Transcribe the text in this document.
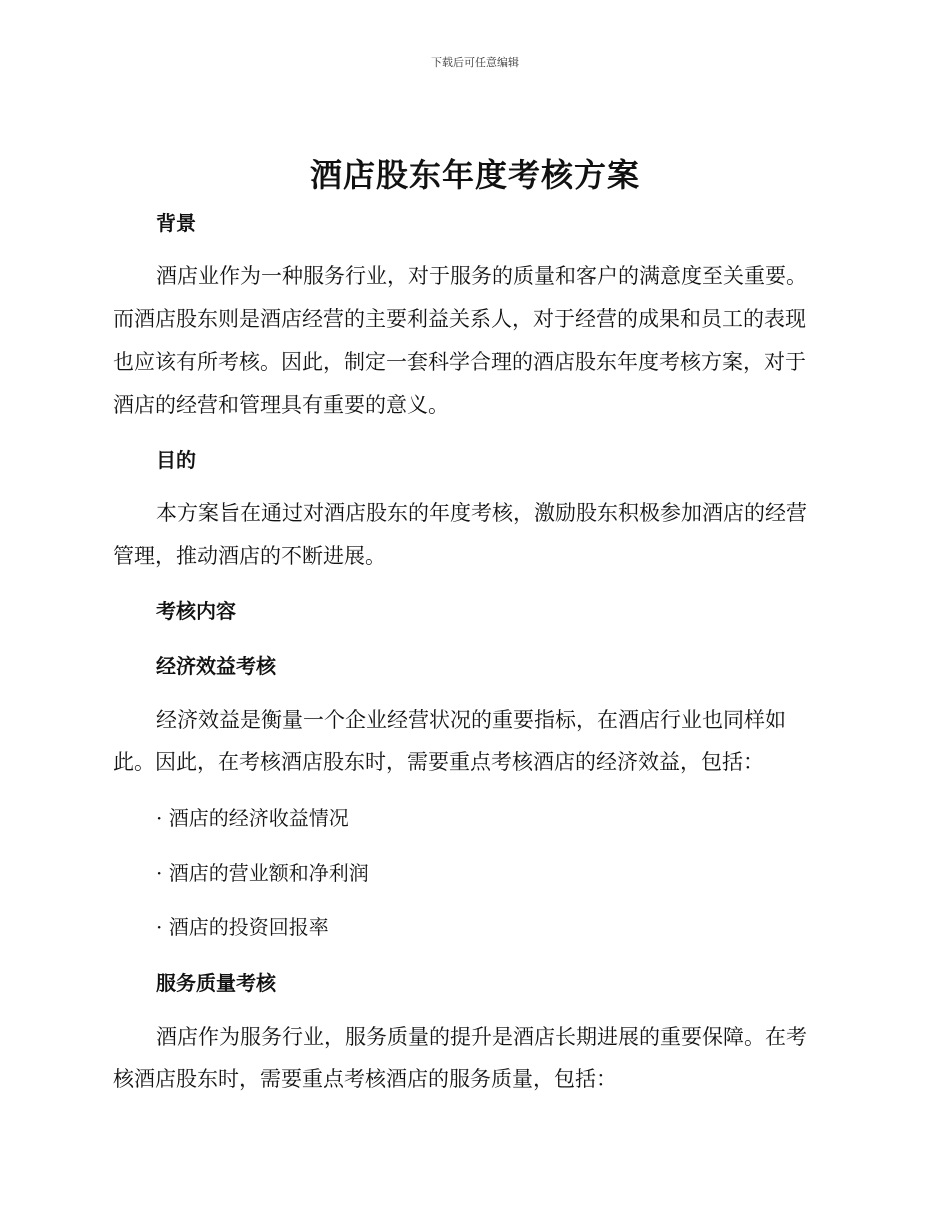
下载后可任意编辑
酒店股东年度考核方案
背景
酒店业作为一种服务行业，对于服务的质量和客户的满意度至关重要。
而酒店股东则是酒店经营的主要利益关系人，对于经营的成果和员工的表现
也应该有所考核。因此，制定一套科学合理的酒店股东年度考核方案，对于
酒店的经营和管理具有重要的意义。
目的
本方案旨在通过对酒店股东的年度考核，激励股东积极参加酒店的经营
管理，推动酒店的不断进展。
考核内容
经济效益考核
经济效益是衡量一个企业经营状况的重要指标，在酒店行业也同样如
此。因此，在考核酒店股东时，需要重点考核酒店的经济效益，包括：
· 酒店的经济收益情况
· 酒店的营业额和净利润
· 酒店的投资回报率
服务质量考核
酒店作为服务行业，服务质量的提升是酒店长期进展的重要保障。在考
核酒店股东时，需要重点考核酒店的服务质量，包括：
